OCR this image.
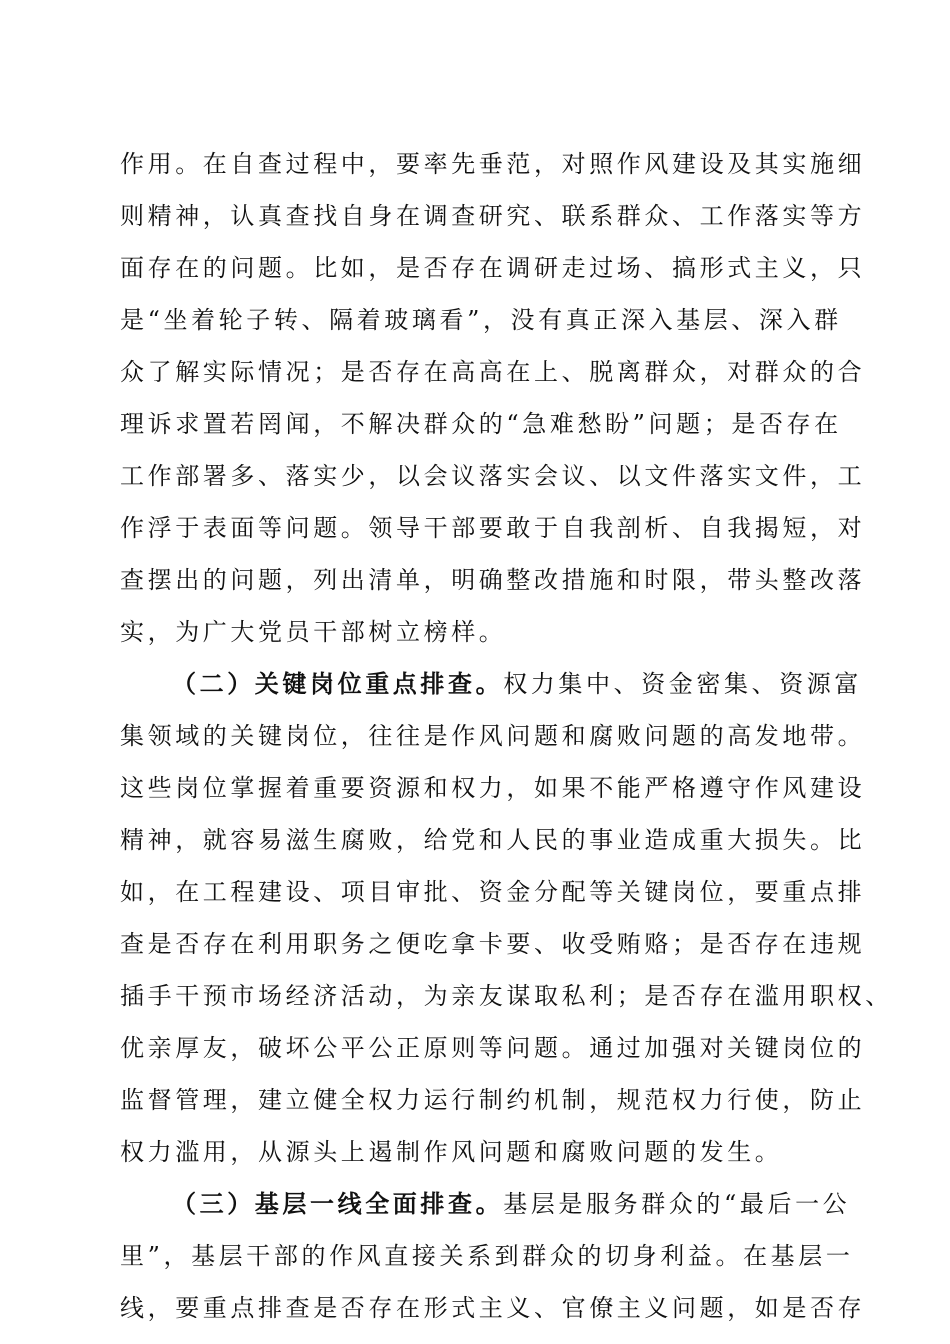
作用。在自查过程中，要率先垂范，对照作风建设及其实施细
则精神，认真查找自身在调查研究、联系群众、工作落实等方
面存在的问题。比如，是否存在调研走过场、搞形式主义，只
是“坐着轮子转、隔着玻璃看”，没有真正深入基层、深入群
众了解实际情况；是否存在高高在上、脱离群众，对群众的合
理诉求置若罔闻，不解决群众的“急难愁盼”问题；是否存在
工作部署多、落实少，以会议落实会议、以文件落实文件，工
作浮于表面等问题。领导干部要敢于自我剖析、自我揭短，对
查摆出的问题，列出清单，明确整改措施和时限，带头整改落
实，为广大党员干部树立榜样。
（二）关键岗位重点排查。权力集中、资金密集、资源富
集领域的关键岗位，往往是作风问题和腐败问题的高发地带。
这些岗位掌握着重要资源和权力，如果不能严格遵守作风建设
精神，就容易滋生腐败，给党和人民的事业造成重大损失。比
如，在工程建设、项目审批、资金分配等关键岗位，要重点排
查是否存在利用职务之便吃拿卡要、收受贿赂；是否存在违规
插手干预市场经济活动，为亲友谋取私利；是否存在滥用职权、
优亲厚友，破坏公平公正原则等问题。通过加强对关键岗位的
监督管理，建立健全权力运行制约机制，规范权力行使，防止
权力滥用，从源头上遏制作风问题和腐败问题的发生。
（三）基层一线全面排查。基层是服务群众的“最后一公
里”，基层干部的作风直接关系到群众的切身利益。在基层一
线，要重点排查是否存在形式主义、官僚主义问题，如是否存
